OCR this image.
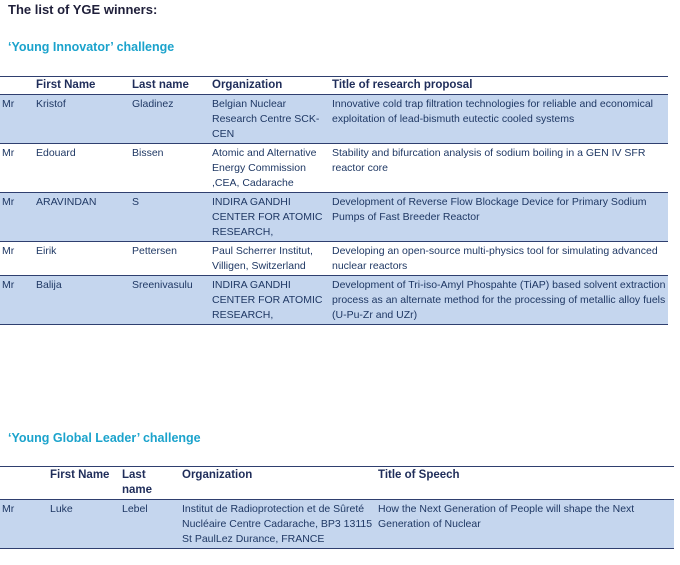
The list of YGE winners:
‘Young Innovator’ challenge
	First Name	Last name	Organization	Title of research proposal
Mr	Kristof	Gladinez	Belgian Nuclear Research Centre SCK-CEN	Innovative cold trap filtration technologies for reliable and economical exploitation of lead-bismuth eutectic cooled systems
Mr	Edouard	Bissen	Atomic and Alternative Energy Commission ,CEA, Cadarache	Stability and bifurcation analysis of sodium boiling in a GEN IV SFR reactor core
Mr	ARAVINDAN	S	INDIRA GANDHI CENTER FOR ATOMIC RESEARCH,	Development of Reverse Flow Blockage Device for Primary Sodium Pumps of Fast Breeder Reactor
Mr	Eirik	Pettersen	Paul Scherrer Institut, Villigen, Switzerland	Developing an open-source multi-physics tool for simulating advanced nuclear reactors
Mr	Balija	Sreenivasulu	INDIRA GANDHI CENTER FOR ATOMIC RESEARCH,	Development of Tri-iso-Amyl Phospahte (TiAP) based solvent extraction process as an alternate method for the processing of metallic alloy fuels (U-Pu-Zr and UZr)
‘Young Global Leader’ challenge
	First Name	Last name	Organization	Title of Speech
Mr	Luke	Lebel	Institut de Radioprotection et de Sûreté Nucléaire Centre Cadarache, BP3 13115 St PaulLez Durance, FRANCE	How the Next Generation of People will shape the Next Generation of Nuclear
